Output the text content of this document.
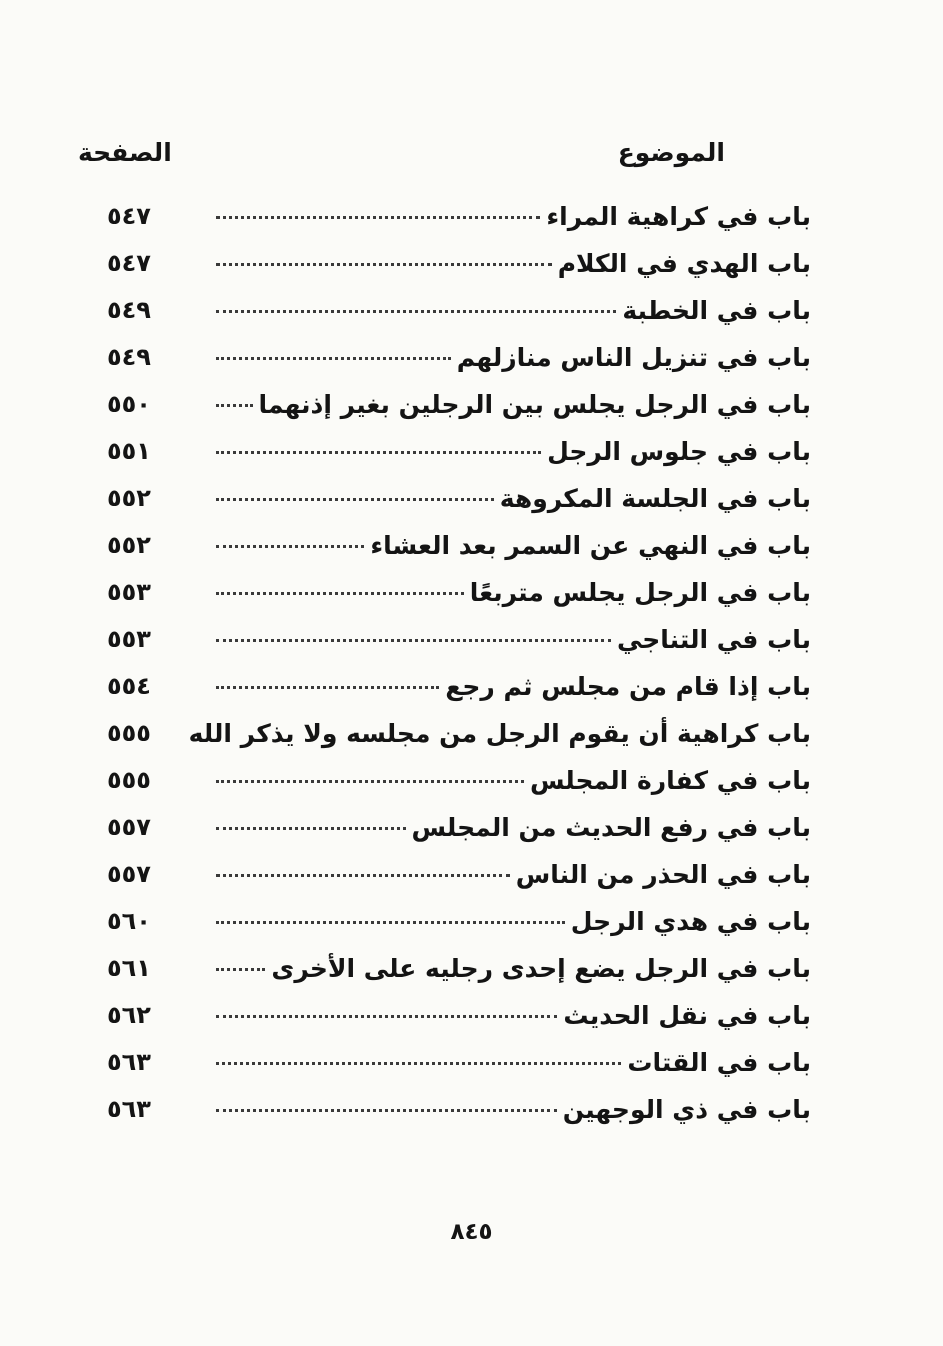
الموضوع
الصفحة
باب في كراهية المراء
٥٤٧
باب الهدي في الكلام
٥٤٧
باب في الخطبة
٥٤٩
باب في تنزيل الناس منازلهم
٥٤٩
باب في الرجل يجلس بين الرجلين بغير إذنهما
٥٥٠
باب في جلوس الرجل
٥٥١
باب في الجلسة المكروهة
٥٥٢
باب في النهي عن السمر بعد العشاء
٥٥٢
باب في الرجل يجلس متربعًا
٥٥٣
باب في التناجي
٥٥٣
باب إذا قام من مجلس ثم رجع
٥٥٤
باب كراهية أن يقوم الرجل من مجلسه ولا يذكر الله
٥٥٥
باب في كفارة المجلس
٥٥٥
باب في رفع الحديث من المجلس
٥٥٧
باب في الحذر من الناس
٥٥٧
باب في هدي الرجل
٥٦٠
باب في الرجل يضع إحدى رجليه على الأخرى
٥٦١
باب في نقل الحديث
٥٦٢
باب في القتات
٥٦٣
باب في ذي الوجهين
٥٦٣
٨٤٥
